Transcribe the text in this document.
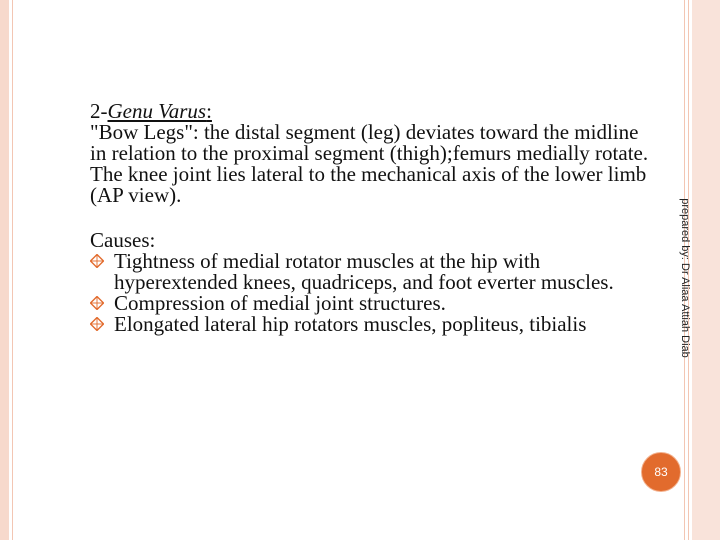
2-Genu Varus:

"Bow Legs": the distal segment (leg) deviates toward the midline in relation to the proximal segment (thigh);femurs medially rotate. The knee joint lies lateral to the mechanical axis of the lower limb (AP view).

Causes:
Tightness of medial rotator muscles at the hip with hyperextended knees, quadriceps, and foot everter muscles.
Compression of medial joint structures.
Elongated lateral hip rotators muscles, popliteus, tibialis	prepared by: Dr Aliaa Attiah Diab
83
